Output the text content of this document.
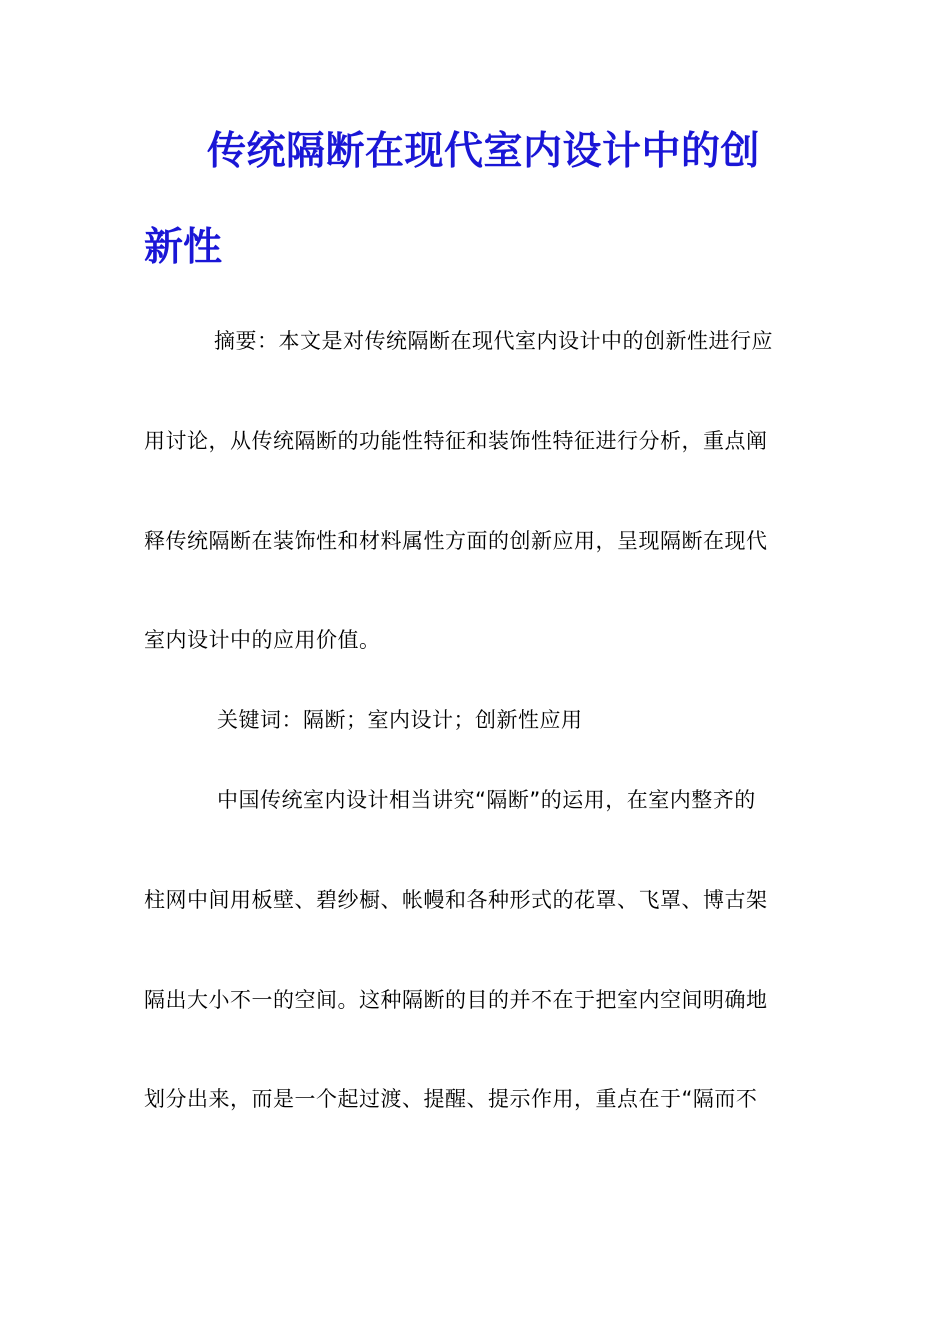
传统隔断在现代室内设计中的创
新性
摘要：本文是对传统隔断在现代室内设计中的创新性进行应
用讨论，从传统隔断的功能性特征和装饰性特征进行分析，重点阐
释传统隔断在装饰性和材料属性方面的创新应用，呈现隔断在现代
室内设计中的应用价值。
关键词：隔断；室内设计；创新性应用
中国传统室内设计相当讲究“隔断”的运用，在室内整齐的
柱网中间用板壁、碧纱橱、帐幔和各种形式的花罩、飞罩、博古架
隔出大小不一的空间。这种隔断的目的并不在于把室内空间明确地
划分出来，而是一个起过渡、提醒、提示作用，重点在于“隔而不
